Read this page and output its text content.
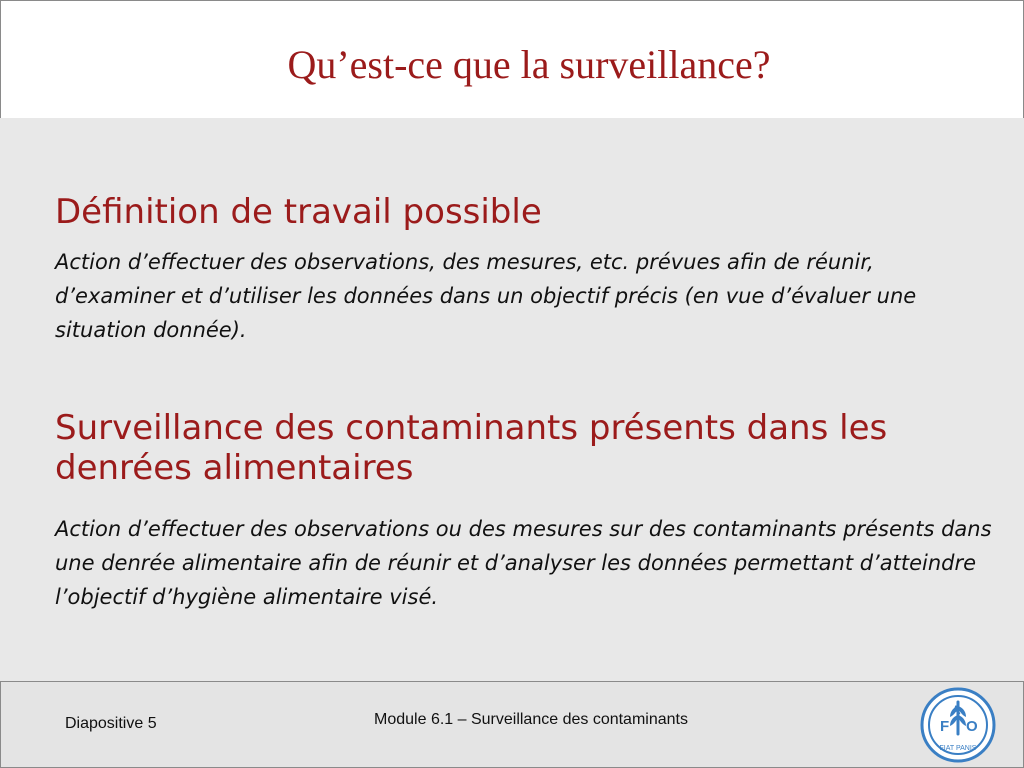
Qu’est-ce que la surveillance?
Définition de travail possible

Action d’effectuer des observations, des mesures, etc. prévues afin de réunir, d’examiner et d’utiliser les données dans un objectif précis (en vue d’évaluer une situation donnée).

Surveillance des contaminants présents dans les denrées alimentaires

Action d’effectuer des observations ou des mesures sur des contaminants présents dans une denrée alimentaire afin de réunir et d’analyser les données permettant d’atteindre l’objectif d’hygiène alimentaire visé.

Diapositive 5	Module 6.1 – Surveillance des contaminants	F
A
O
FIAT PANIS
